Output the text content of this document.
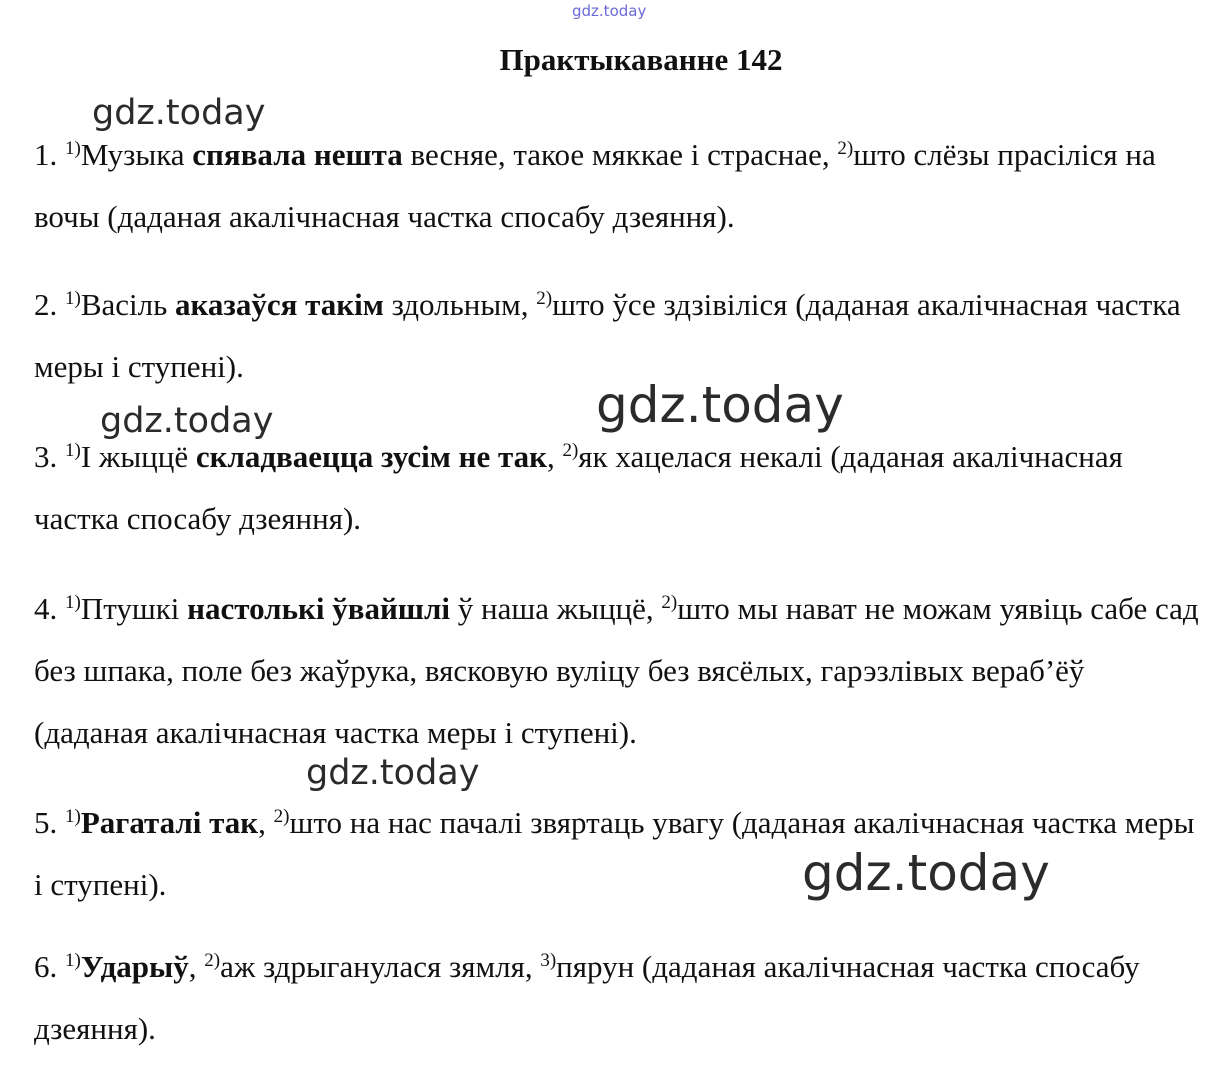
gdz.today
Практыкаванне 142

1. $^{1)}$Музыка спявала нешта весняе, такое мяккае і страснае, $^{2)}$што слёзы прасіліся на вочы (даданая акалічнасная частка спосабу дзеяння).

2. $^{1)}$Васіль аказаўся такім здольным, $^{2)}$што ўсе здзівіліся (даданая акалічнасная частка меры і ступені).

3. $^{1)}$І жыццё складваецца зусім не так, $^{2)}$як хацелася некалі (даданая акалічнасная частка спосабу дзеяння).

4. $^{1)}$Птушкі настолькі ўвайшлі ў наша жыццё, $^{2)}$што мы нават не можам уявіць сабе сад без шпака, поле без жаўрука, вясковую вуліцу без вясёлых, гарэзлівых вераб’ёў (даданая акалічнасная частка меры і ступені).

5. $^{1)}$Рагаталі так, $^{2)}$што на нас пачалі звяртаць увагу (даданая акалічнасная частка меры і ступені).

6. $^{1)}$Ударыў, $^{2)}$аж здрыганулася зямля, $^{3)}$пярун (даданая акалічнасная частка спосабу дзеяння).

gdz.today
gdz.today	gdz.today
gdz.today
gdz.today
